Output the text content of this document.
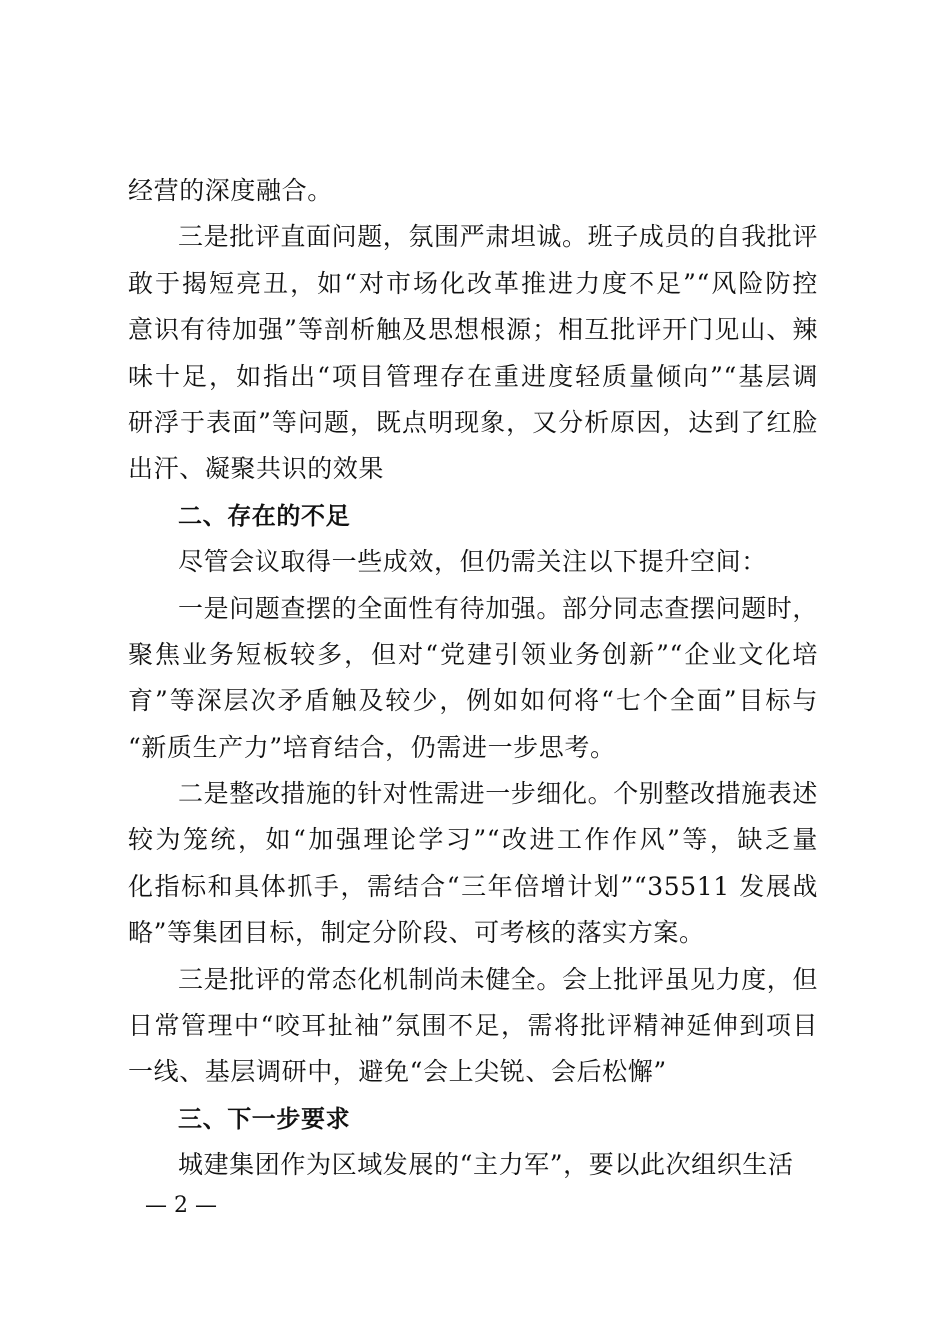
经营的深度融合。
三是批评直面问题，氛围严肃坦诚。班子成员的自我批评
敢于揭短亮丑，如“对市场化改革推进力度不足”“风险防控
意识有待加强”等剖析触及思想根源；相互批评开门见山、辣
味十足，如指出“项目管理存在重进度轻质量倾向”“基层调
研浮于表面”等问题，既点明现象，又分析原因，达到了红脸
出汗、凝聚共识的效果
二、存在的不足
尽管会议取得一些成效，但仍需关注以下提升空间：
一是问题查摆的全面性有待加强。部分同志查摆问题时，
聚焦业务短板较多，但对“党建引领业务创新”“企业文化培
育”等深层次矛盾触及较少，例如如何将“七个全面”目标与
“新质生产力”培育结合，仍需进一步思考。
二是整改措施的针对性需进一步细化。个别整改措施表述
较为笼统，如“加强理论学习”“改进工作作风”等，缺乏量
化指标和具体抓手，需结合“三年倍增计划”“35511 发展战
略”等集团目标，制定分阶段、可考核的落实方案。
三是批评的常态化机制尚未健全。会上批评虽见力度，但
日常管理中“咬耳扯袖”氛围不足，需将批评精神延伸到项目
一线、基层调研中，避免“会上尖锐、会后松懈”
三、下一步要求
城建集团作为区域发展的“主力军”，要以此次组织生活
— 2 —
